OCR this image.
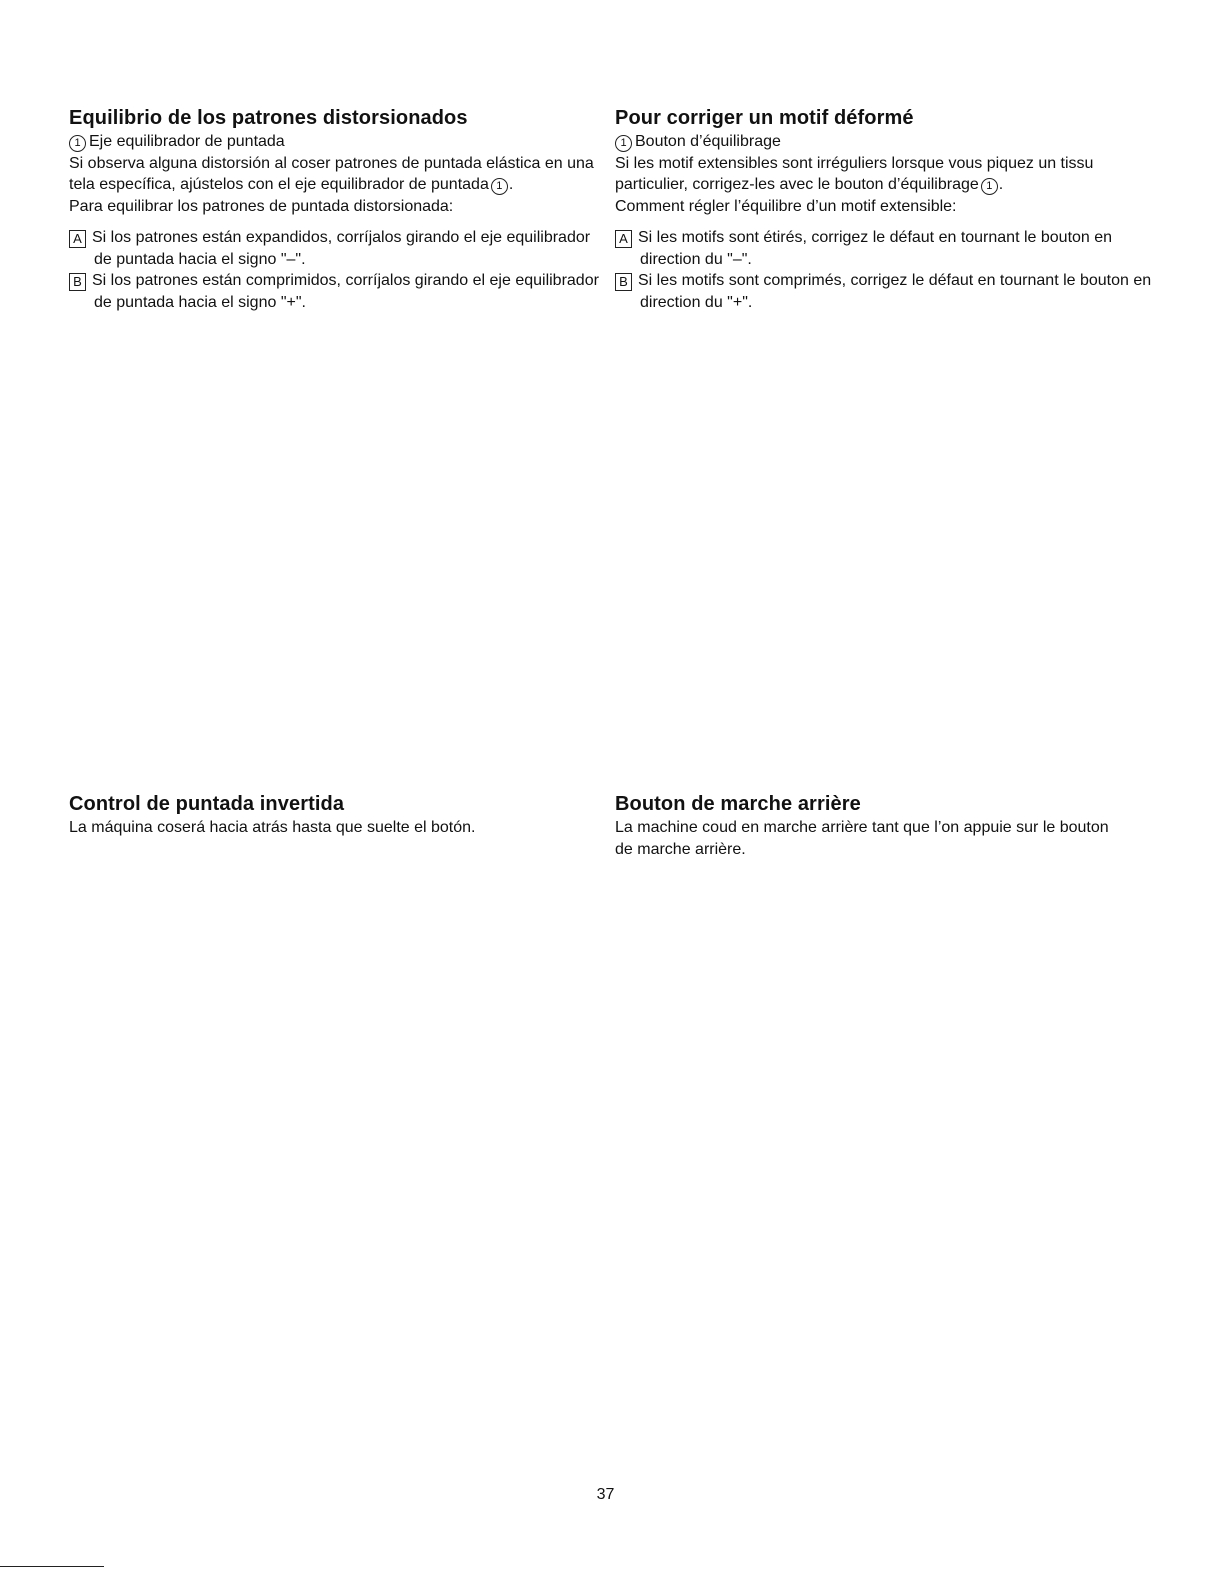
Equilibrio de los patrones distorsionados
1 Eje equilibrador de puntada

Si observa alguna distorsión al coser patrones de puntada elástica en una tela específica, ajústelos con el eje equilibrador de puntada 1 .

Para equilibrar los patrones de puntada distorsionada:

A Si los patrones están expandidos, corríjalos girando el eje equilibrador de puntada hacia el signo "–".
B Si los patrones están comprimidos, corríjalos girando el eje equilibrador de puntada hacia el signo "+".
Pour corriger un motif déformé
1 Bouton d’équilibrage

Si les motif extensibles sont irréguliers lorsque vous piquez un tissu particulier, corrigez-les avec le bouton d’équilibrage 1 .

Comment régler l’équilibre d’un motif extensible:

A Si les motifs sont étirés, corrigez le défaut en tournant le bouton en direction du "–".
B Si les motifs sont comprimés, corrigez le défaut en tournant le bouton en direction du "+".
Control de puntada invertida

La máquina coserá hacia atrás hasta que suelte el botón.

Bouton de marche arrière

La machine coud en marche arrière tant que l’on appuie sur le bouton de marche arrière.

37
